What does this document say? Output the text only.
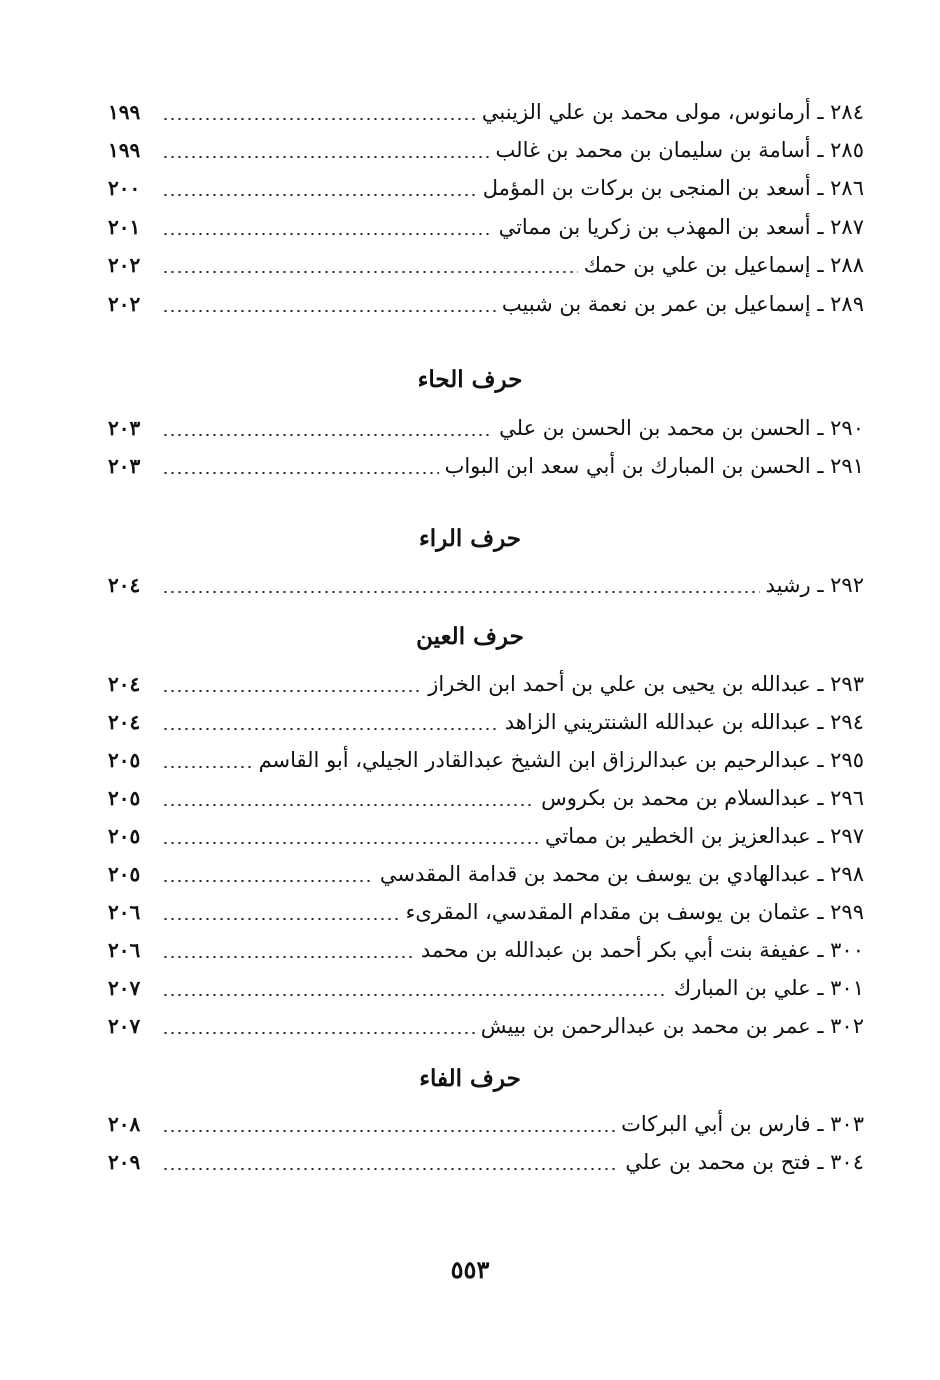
٢٨٤ ـ أرمانوس، مولى محمد بن علي الزينبي
١٩٩
٢٨٥ ـ أسامة بن سليمان بن محمد بن غالب
١٩٩
٢٨٦ ـ أسعد بن المنجى بن بركات بن المؤمل
٢٠٠
٢٨٧ ـ أسعد بن المهذب بن زكريا بن مماتي
٢٠١
٢٨٨ ـ إسماعيل بن علي بن حمك
٢٠٢
٢٨٩ ـ إسماعيل بن عمر بن نعمة بن شبيب
٢٠٢
حرف الحاء
٢٩٠ ـ الحسن بن محمد بن الحسن بن علي
٢٠٣
٢٩١ ـ الحسن بن المبارك بن أبي سعد ابن البواب
٢٠٣
حرف الراء
٢٩٢ ـ رشيد
٢٠٤
حرف العين
٢٩٣ ـ عبدالله بن يحيى بن علي بن أحمد ابن الخراز
٢٠٤
٢٩٤ ـ عبدالله بن عبدالله الشنتريني الزاهد
٢٠٤
٢٩٥ ـ عبدالرحيم بن عبدالرزاق ابن الشيخ عبدالقادر الجيلي، أبو القاسم
٢٠٥
٢٩٦ ـ عبدالسلام بن محمد بن بكروس
٢٠٥
٢٩٧ ـ عبدالعزيز بن الخطير بن مماتي
٢٠٥
٢٩٨ ـ عبدالهادي بن يوسف بن محمد بن قدامة المقدسي
٢٠٥
٢٩٩ ـ عثمان بن يوسف بن مقدام المقدسي، المقرىء
٢٠٦
٣٠٠ ـ عفيفة بنت أبي بكر أحمد بن عبدالله بن محمد
٢٠٦
٣٠١ ـ علي بن المبارك
٢٠٧
٣٠٢ ـ عمر بن محمد بن عبدالرحمن بن بييش
٢٠٧
حرف الفاء
٣٠٣ ـ فارس بن أبي البركات
٢٠٨
٣٠٤ ـ فتح بن محمد بن علي
٢٠٩
٥٥٣
